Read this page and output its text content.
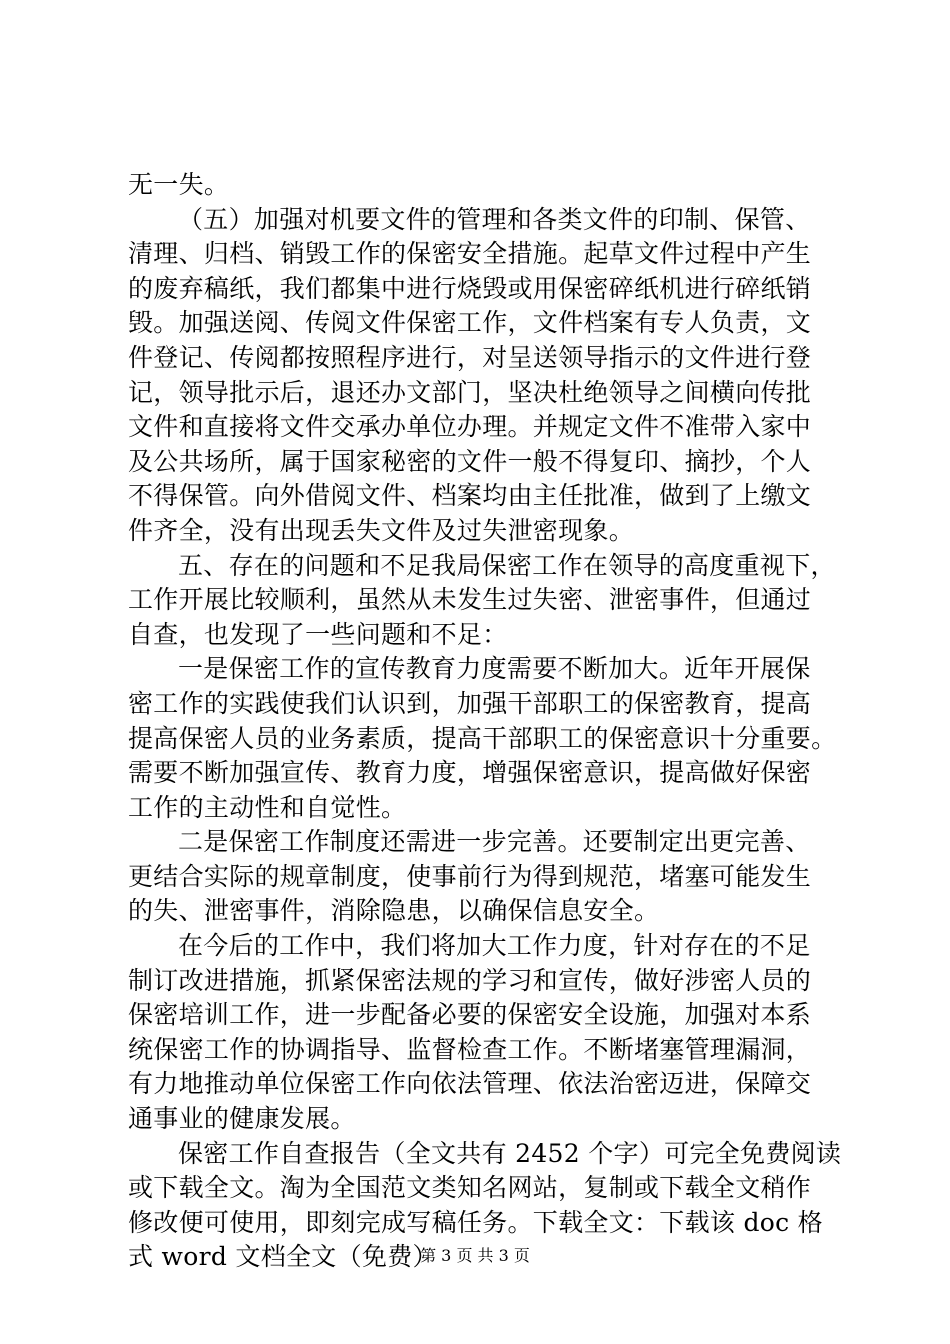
无一失。
（五）加强对机要文件的管理和各类文件的印制、保管、
清理、归档、销毁工作的保密安全措施。起草文件过程中产生
的废弃稿纸，我们都集中进行烧毁或用保密碎纸机进行碎纸销
毁。加强送阅、传阅文件保密工作，文件档案有专人负责，文
件登记、传阅都按照程序进行，对呈送领导指示的文件进行登
记，领导批示后，退还办文部门，坚决杜绝领导之间横向传批
文件和直接将文件交承办单位办理。并规定文件不准带入家中
及公共场所，属于国家秘密的文件一般不得复印、摘抄，个人
不得保管。向外借阅文件、档案均由主任批准，做到了上缴文
件齐全，没有出现丢失文件及过失泄密现象。
五、存在的问题和不足我局保密工作在领导的高度重视下，
工作开展比较顺利，虽然从未发生过失密、泄密事件，但通过
自查，也发现了一些问题和不足：
一是保密工作的宣传教育力度需要不断加大。近年开展保
密工作的实践使我们认识到，加强干部职工的保密教育，提高
提高保密人员的业务素质，提高干部职工的保密意识十分重要。
需要不断加强宣传、教育力度，增强保密意识，提高做好保密
工作的主动性和自觉性。
二是保密工作制度还需进一步完善。还要制定出更完善、
更结合实际的规章制度，使事前行为得到规范，堵塞可能发生
的失、泄密事件，消除隐患，以确保信息安全。
在今后的工作中，我们将加大工作力度，针对存在的不足
制订改进措施，抓紧保密法规的学习和宣传，做好涉密人员的
保密培训工作，进一步配备必要的保密安全设施，加强对本系
统保密工作的协调指导、监督检查工作。不断堵塞管理漏洞，
有力地推动单位保密工作向依法管理、依法治密迈进，保障交
通事业的健康发展。
保密工作自查报告（全文共有 2452 个字）可完全免费阅读
或下载全文。淘为全国范文类知名网站，复制或下载全文稍作
修改便可使用，即刻完成写稿任务。下载全文：下载该 doc 格
式 word 文档全文（免费）
第 3 页 共 3 页
